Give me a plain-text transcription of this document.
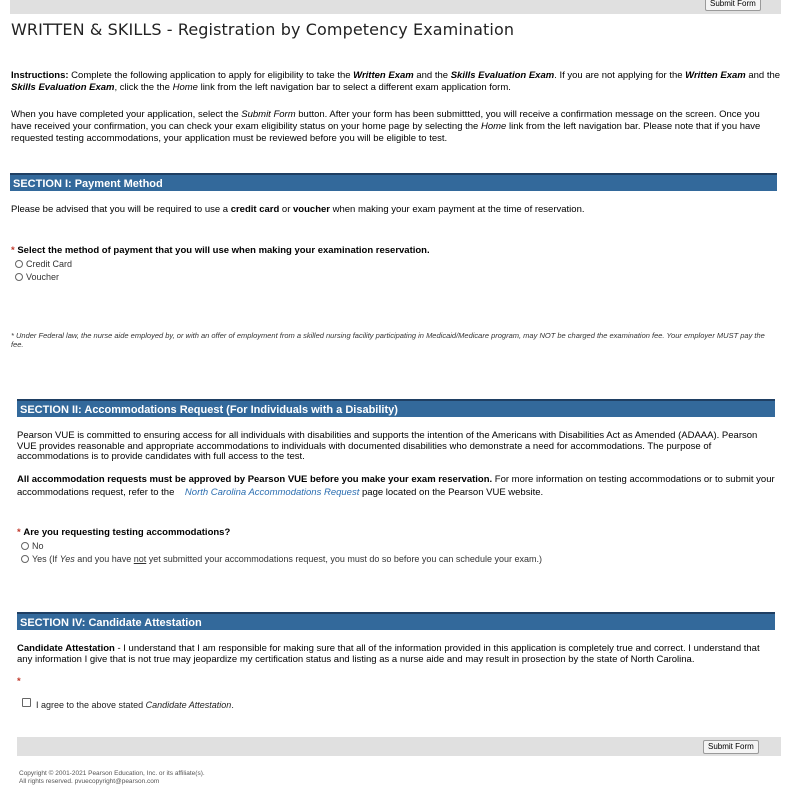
Submit Form
WRITTEN & SKILLS - Registration by Competency Examination
Instructions: Complete the following application to apply for eligibility to take the Written Exam and the Skills Evaluation Exam. If you are not applying for the Written Exam and the Skills Evaluation Exam, click the the Home link from the left navigation bar to select a different exam application form.
When you have completed your application, select the Submit Form button. After your form has been submittted, you will receive a confirmation message on the screen. Once you have received your confirmation, you can check your exam eligibility status on your home page by selecting the Home link from the left navigation bar. Please note that if you have requested testing accommodations, your application must be reviewed before you will be eligible to test.
SECTION I: Payment Method
Please be advised that you will be required to use a credit card or voucher when making your exam payment at the time of reservation.
* Select the method of payment that you will use when making your examination reservation.
Credit Card
Voucher
* Under Federal law, the nurse aide employed by, or with an offer of employment from a skilled nursing facility participating in Medicaid/Medicare program, may NOT be charged the examination fee. Your employer MUST pay the fee.
SECTION II: Accommodations Request (For Individuals with a Disability)
Pearson VUE is committed to ensuring access for all individuals with disabilities and supports the intention of the Americans with Disabilities Act as Amended (ADAAA). Pearson VUE provides reasonable and appropriate accommodations to individuals with documented disabilities who demonstrate a need for accommodations. The purpose of accommodations is to provide candidates with full access to the test.
All accommodation requests must be approved by Pearson VUE before you make your exam reservation. For more information on testing accommodations or to submit your accommodations request, refer to the    North Carolina Accommodations Request page located on the Pearson VUE website.
* Are you requesting testing accommodations?
No
Yes (If Yes and you have not yet submitted your accommodations request, you must do so before you can schedule your exam.)
SECTION IV: Candidate Attestation
Candidate Attestation - I understand that I am responsible for making sure that all of the information provided in this application is completely true and correct. I understand that any information I give that is not true may jeopardize my certification status and listing as a nurse aide and may result in prosection by the state of North Carolina.
*
I agree to the above stated Candidate Attestation.
Submit Form
Copyright © 2001-2021 Pearson Education, Inc. or its affiliate(s).
All rights reserved. pvuecopyright@pearson.com
